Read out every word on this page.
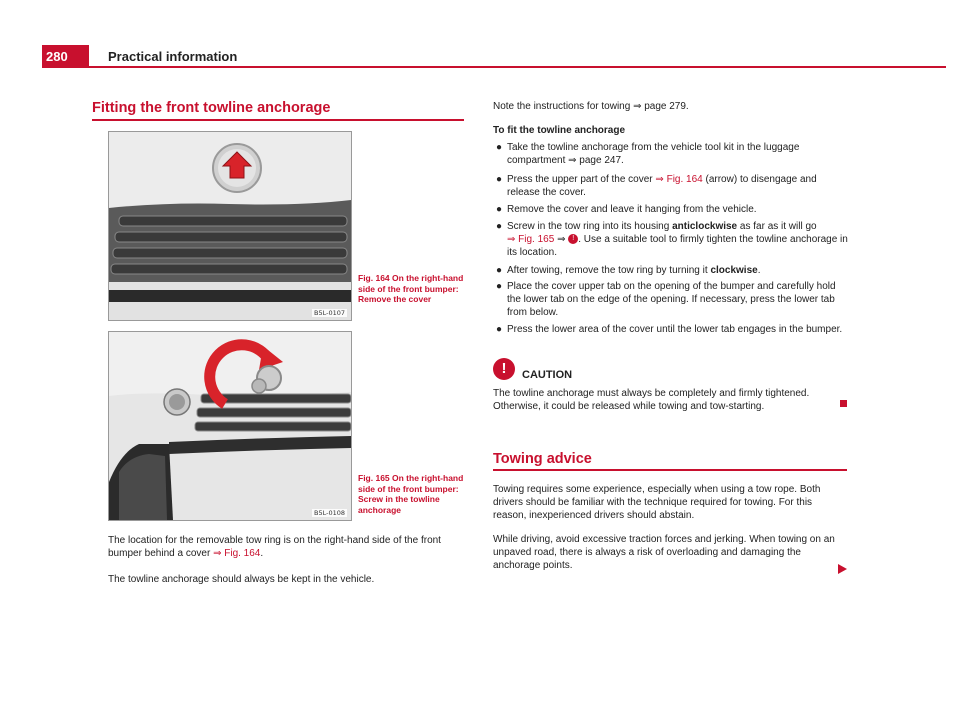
280	Practical information
Fitting the front towline anchorage
B5L-0107
Fig. 164 On the right-hand side of the front bumper: Remove the cover
B5L-0108
Fig. 165 On the right-hand side of the front bumper: Screw in the towline anchorage
The location for the removable tow ring is on the right-hand side of the front bumper behind a cover ⇒ Fig. 164.
The towline anchorage should always be kept in the vehicle.
Note the instructions for towing ⇒ page 279.
To fit the towline anchorage
● Take the towline anchorage from the vehicle tool kit in the luggage compartment ⇒ page 247.
● Press the upper part of the cover ⇒ Fig. 164 (arrow) to disengage and release the cover.
● Remove the cover and leave it hanging from the vehicle.
● Screw in the tow ring into its housing anticlockwise as far as it will go
⇒ Fig. 165 ⇒ ! . Use a suitable tool to firmly tighten the towline anchorage in its location.
● After towing, remove the tow ring by turning it clockwise.
● Place the cover upper tab on the opening of the bumper and carefully hold the lower tab on the edge of the opening. If necessary, press the lower tab from below.
● Press the lower area of the cover until the lower tab engages in the bumper.
!	CAUTION
The towline anchorage must always be completely and firmly tightened. Otherwise, it could be released while towing and tow-starting.
Towing advice
Towing requires some experience, especially when using a tow rope. Both drivers should be familiar with the technique required for towing. For this reason, inexperienced drivers should abstain.
While driving, avoid excessive traction forces and jerking. When towing on an unpaved road, there is always a risk of overloading and damaging the anchorage points.
